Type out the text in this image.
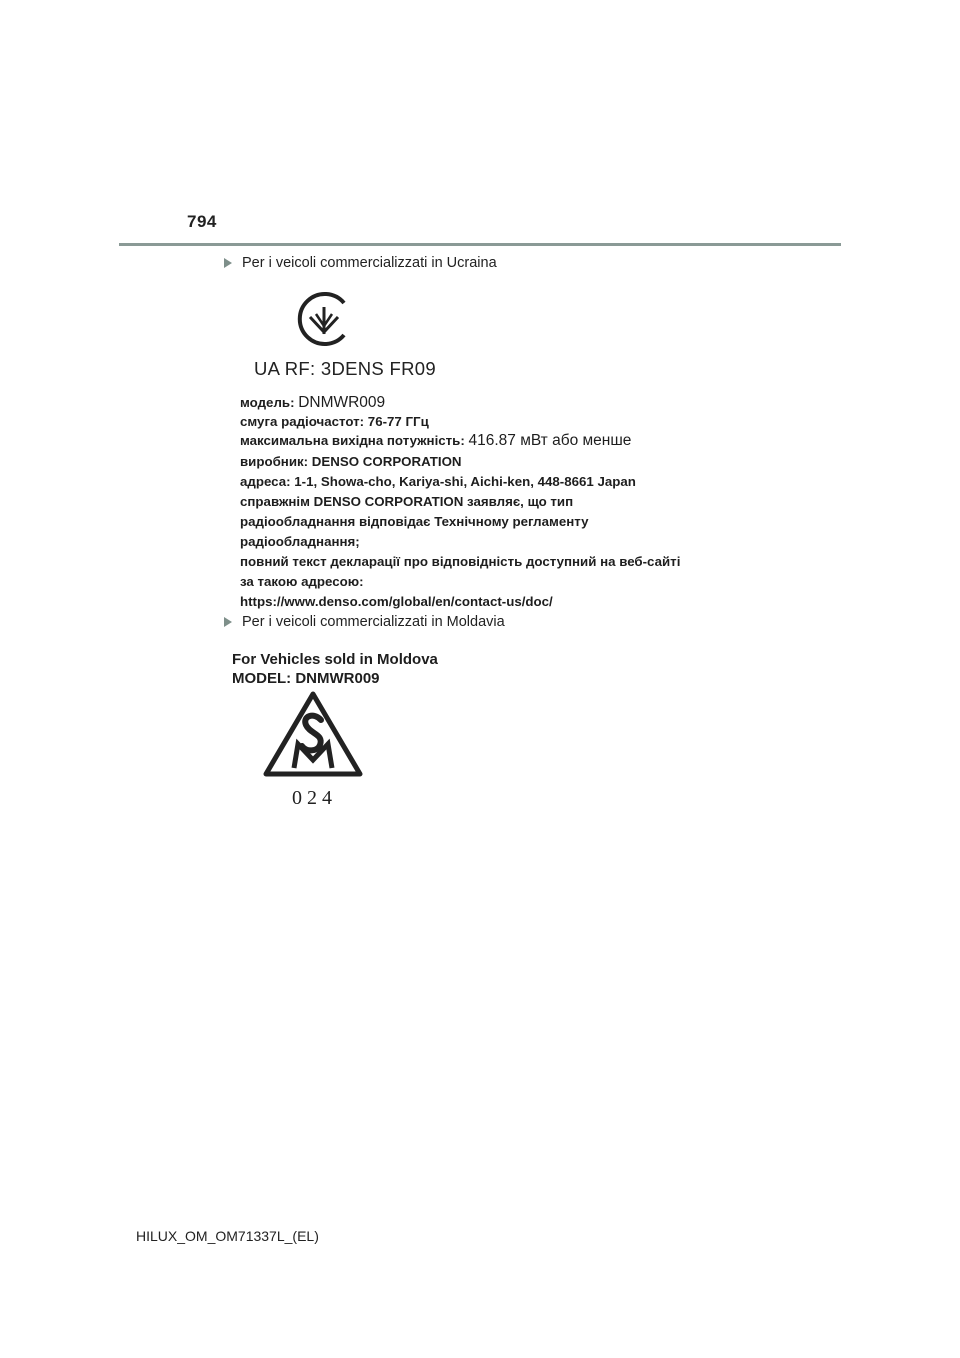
794
Per i veicoli commercializzati in Ucraina
UA RF: 3DENS FR09
модель: DNMWR009
смуга радіочастот: 76-77 ГГц
максимальна вихідна потужність: 416.87 мВт або менше
виробник: DENSO CORPORATION
адреса: 1-1, Showa-cho, Kariya-shi, Aichi-ken, 448-8661 Japan
справжнім DENSO CORPORATION заявляє, що тип
радіообладнання відповідає Технічному регламенту
радіообладнання;
повний текст декларації про відповідність доступний на веб-сайті
за такою адресою:
https://www.denso.com/global/en/contact-us/doc/
Per i veicoli commercializzati in Moldavia
For Vehicles sold in Moldova
MODEL: DNMWR009
024
HILUX_OM_OM71337L_(EL)
